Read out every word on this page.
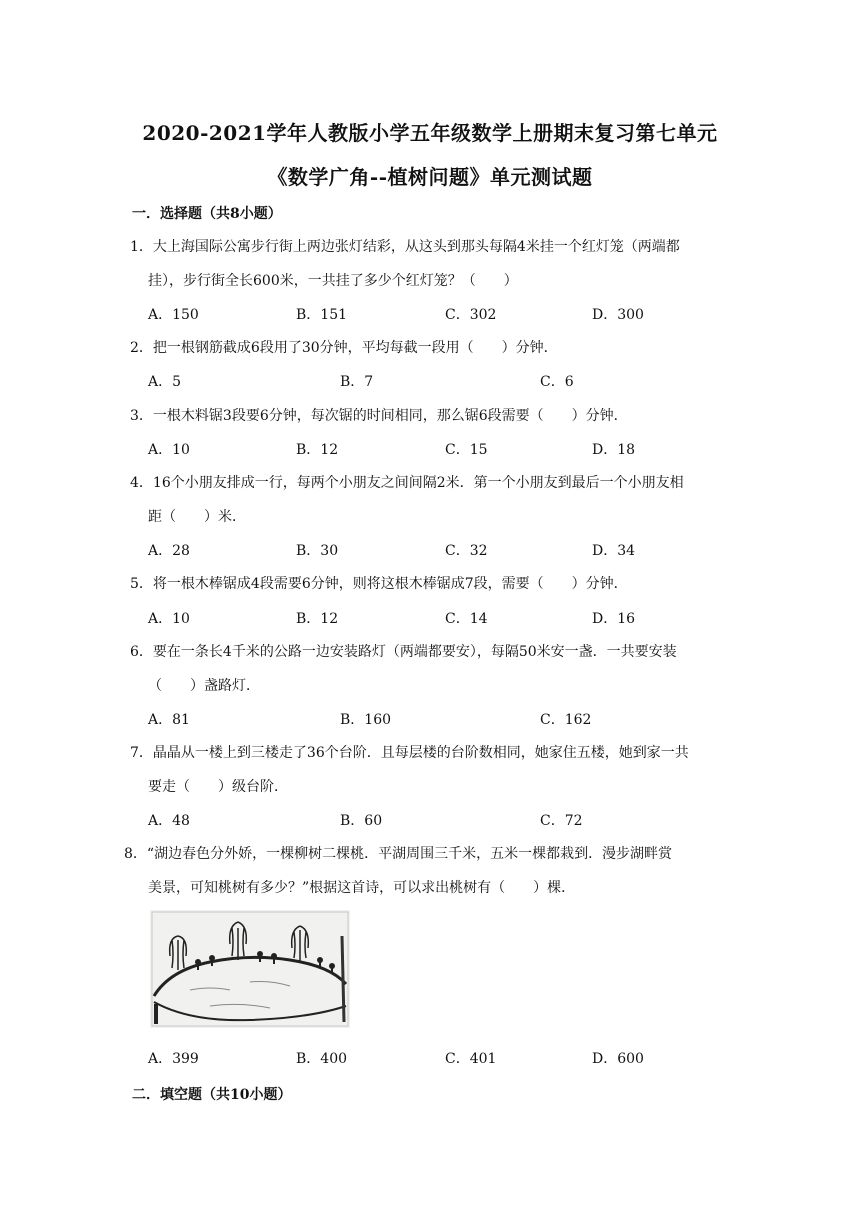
2020-2021学年人教版小学五年级数学上册期末复习第七单元
《数学广角--植树问题》单元测试题
一．选择题（共8小题）
1．大上海国际公寓步行街上两边张灯结彩，从这头到那头每隔4米挂一个红灯笼（两端都
挂），步行街全长600米，一共挂了多少个红灯笼？（　　）
A．150	B．151	C．302	D．300
2．把一根钢筋截成6段用了30分钟，平均每截一段用（　　）分钟．
A．5	B．7	C．6
3．一根木料锯3段要6分钟，每次锯的时间相同，那么锯6段需要（　　）分钟．
A．10	B．12	C．15	D．18
4．16个小朋友排成一行，每两个小朋友之间间隔2米．第一个小朋友到最后一个小朋友相
距（　　）米．
A．28	B．30	C．32	D．34
5．将一根木棒锯成4段需要6分钟，则将这根木棒锯成7段，需要（　　）分钟．
A．10	B．12	C．14	D．16
6．要在一条长4千米的公路一边安装路灯（两端都要安），每隔50米安一盏．一共要安装
（　　）盏路灯．
A．81	B．160	C．162
7．晶晶从一楼上到三楼走了36个台阶．且每层楼的台阶数相同，她家住五楼，她到家一共
要走（　　）级台阶．
A．48	B．60	C．72
8．“湖边春色分外娇，一棵柳树二棵桃．平湖周围三千米，五米一棵都栽到．漫步湖畔赏
美景，可知桃树有多少？”根据这首诗，可以求出桃树有（　　）棵．
A．399	B．400	C．401	D．600
二．填空题（共10小题）
